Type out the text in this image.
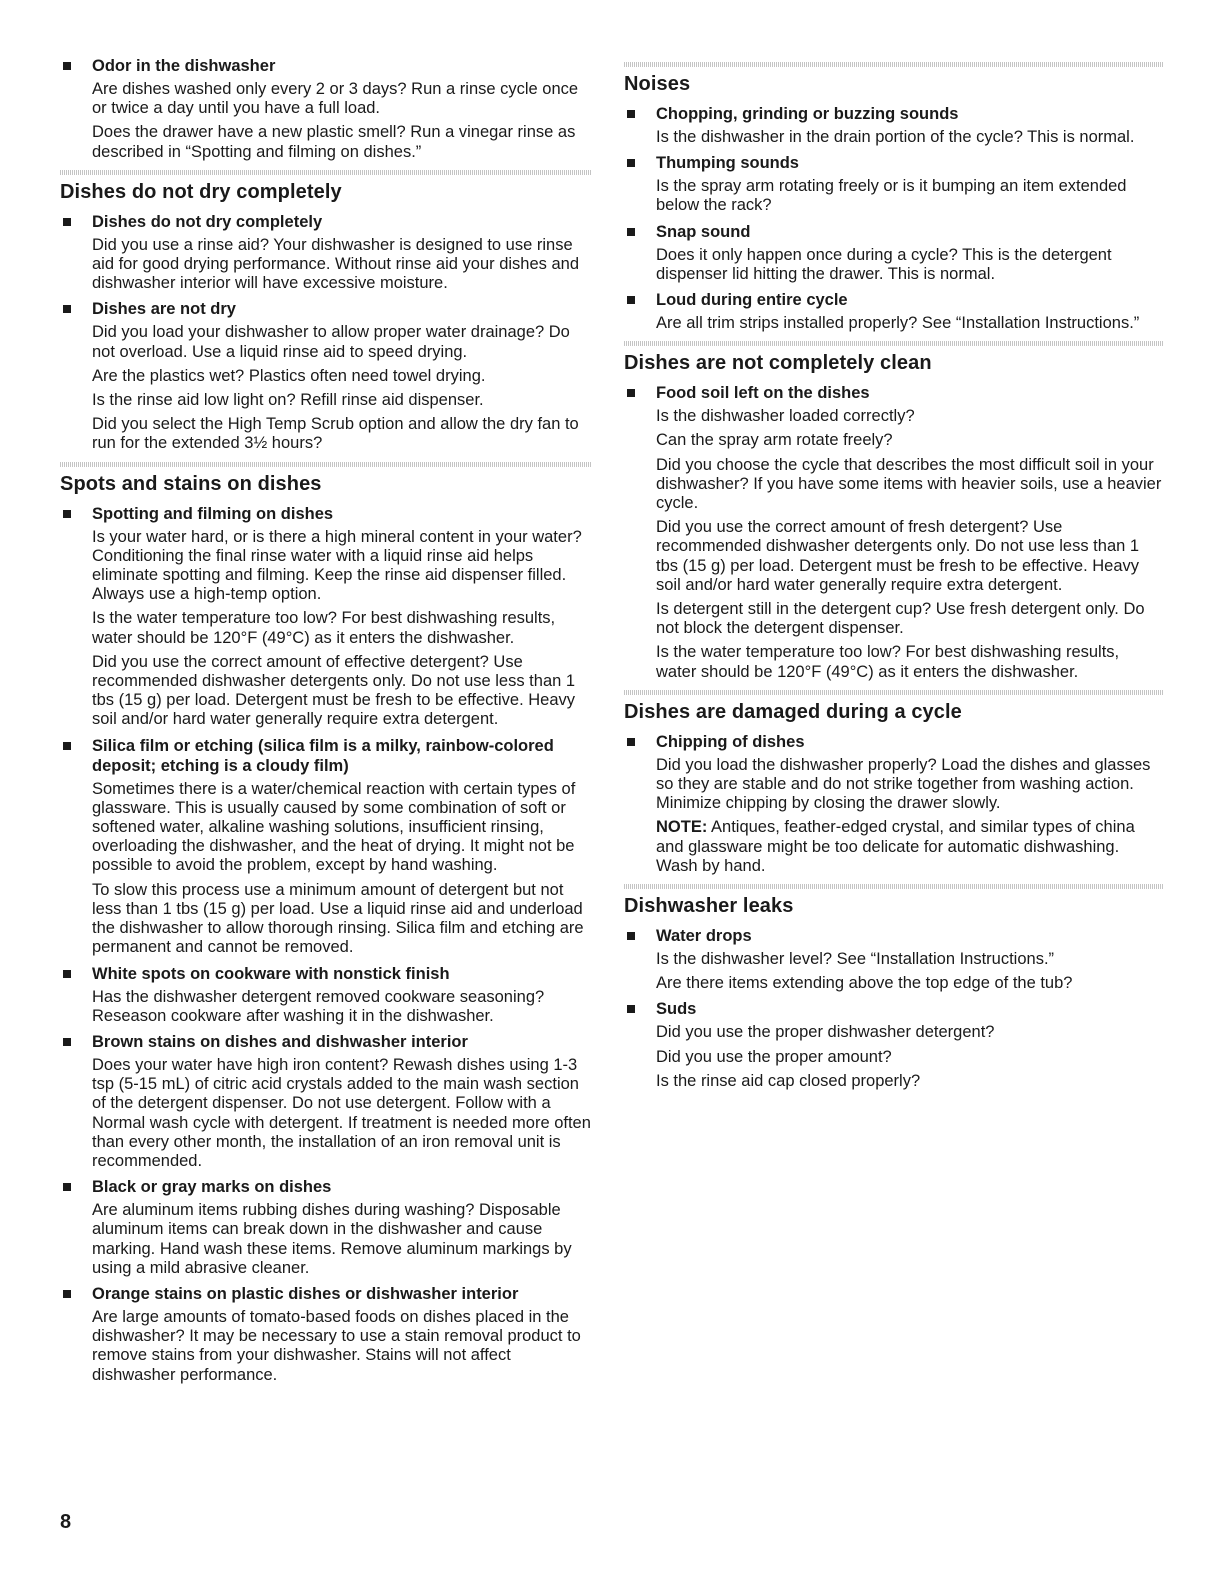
Odor in the dishwasher

Are dishes washed only every 2 or 3 days? Run a rinse cycle once or twice a day until you have a full load.

Does the drawer have a new plastic smell? Run a vinegar rinse as described in “Spotting and filming on dishes.”

Dishes do not dry completely
Dishes do not dry completely

Did you use a rinse aid? Your dishwasher is designed to use rinse aid for good drying performance. Without rinse aid your dishes and dishwasher interior will have excessive moisture.

Dishes are not dry

Did you load your dishwasher to allow proper water drainage? Do not overload. Use a liquid rinse aid to speed drying.

Are the plastics wet? Plastics often need towel drying.

Is the rinse aid low light on? Refill rinse aid dispenser.

Did you select the High Temp Scrub option and allow the dry fan to run for the extended 3½ hours?

Spots and stains on dishes
Spotting and filming on dishes

Is your water hard, or is there a high mineral content in your water? Conditioning the final rinse water with a liquid rinse aid helps eliminate spotting and filming. Keep the rinse aid dispenser filled. Always use a high-temp option.

Is the water temperature too low? For best dishwashing results, water should be 120°F (49°C) as it enters the dishwasher.

Did you use the correct amount of effective detergent? Use recommended dishwasher detergents only. Do not use less than 1 tbs (15 g) per load. Detergent must be fresh to be effective. Heavy soil and/or hard water generally require extra detergent.

Silica film or etching (silica film is a milky, rainbow-colored deposit; etching is a cloudy film)

Sometimes there is a water/chemical reaction with certain types of glassware. This is usually caused by some combination of soft or softened water, alkaline washing solutions, insufficient rinsing, overloading the dishwasher, and the heat of drying. It might not be possible to avoid the problem, except by hand washing.

To slow this process use a minimum amount of detergent but not less than 1 tbs (15 g) per load. Use a liquid rinse aid and underload the dishwasher to allow thorough rinsing. Silica film and etching are permanent and cannot be removed.

White spots on cookware with nonstick finish

Has the dishwasher detergent removed cookware seasoning? Reseason cookware after washing it in the dishwasher.

Brown stains on dishes and dishwasher interior

Does your water have high iron content? Rewash dishes using 1-3 tsp (5-15 mL) of citric acid crystals added to the main wash section of the detergent dispenser. Do not use detergent. Follow with a Normal wash cycle with detergent. If treatment is needed more often than every other month, the installation of an iron removal unit is recommended.

Black or gray marks on dishes

Are aluminum items rubbing dishes during washing? Disposable aluminum items can break down in the dishwasher and cause marking. Hand wash these items. Remove aluminum markings by using a mild abrasive cleaner.

Orange stains on plastic dishes or dishwasher interior

Are large amounts of tomato-based foods on dishes placed in the dishwasher? It may be necessary to use a stain removal product to remove stains from your dishwasher. Stains will not affect dishwasher performance.

Noises
Chopping, grinding or buzzing sounds

Is the dishwasher in the drain portion of the cycle? This is normal.

Thumping sounds

Is the spray arm rotating freely or is it bumping an item extended below the rack?

Snap sound

Does it only happen once during a cycle? This is the detergent dispenser lid hitting the drawer. This is normal.

Loud during entire cycle

Are all trim strips installed properly? See “Installation Instructions.”

Dishes are not completely clean
Food soil left on the dishes

Is the dishwasher loaded correctly?

Can the spray arm rotate freely?

Did you choose the cycle that describes the most difficult soil in your dishwasher? If you have some items with heavier soils, use a heavier cycle.

Did you use the correct amount of fresh detergent? Use recommended dishwasher detergents only. Do not use less than 1 tbs (15 g) per load. Detergent must be fresh to be effective. Heavy soil and/or hard water generally require extra detergent.

Is detergent still in the detergent cup? Use fresh detergent only. Do not block the detergent dispenser.

Is the water temperature too low? For best dishwashing results, water should be 120°F (49°C) as it enters the dishwasher.

Dishes are damaged during a cycle
Chipping of dishes

Did you load the dishwasher properly? Load the dishes and glasses so they are stable and do not strike together from washing action. Minimize chipping by closing the drawer slowly.

NOTE: Antiques, feather-edged crystal, and similar types of china and glassware might be too delicate for automatic dishwashing. Wash by hand.

Dishwasher leaks
Water drops

Is the dishwasher level? See “Installation Instructions.”

Are there items extending above the top edge of the tub?

Suds

Did you use the proper dishwasher detergent?

Did you use the proper amount?

Is the rinse aid cap closed properly?

8
